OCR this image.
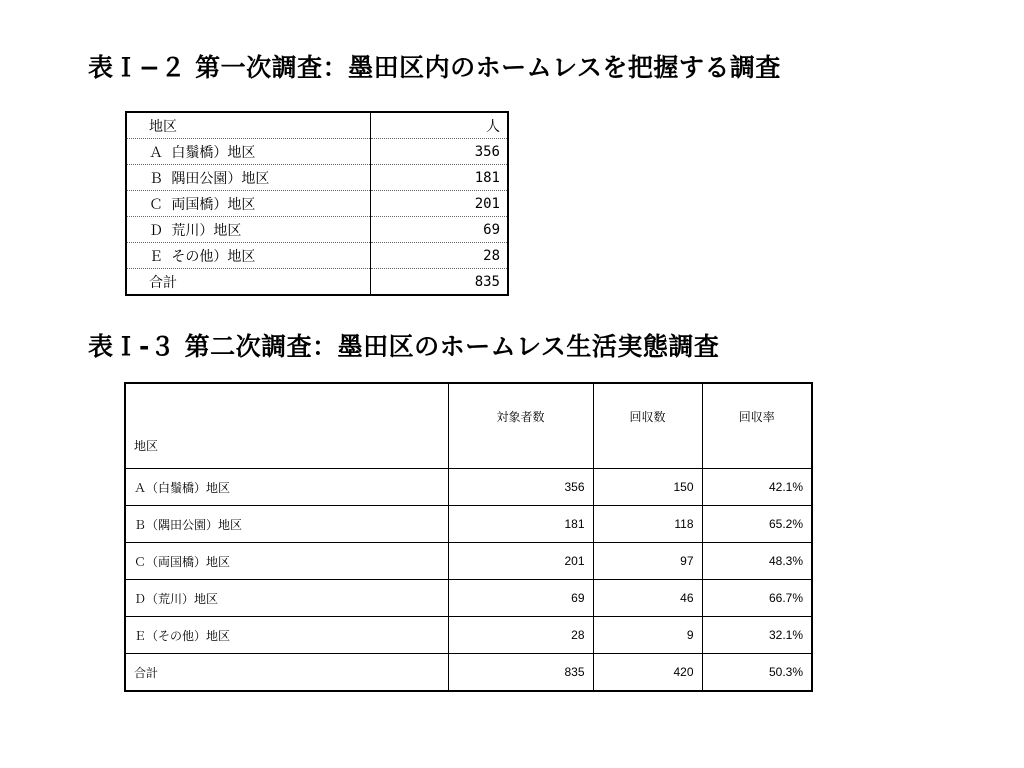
表Ｉ−２ 第一次調査：墨田区内のホームレスを把握する調査
地区	人
Ａ 白鬚橋）地区	356
Ｂ 隅田公園）地区	181
Ｃ 両国橋）地区	201
Ｄ 荒川）地区	69
Ｅ その他）地区	28
合計	835
表Ｉ-３ 第二次調査：墨田区のホームレス生活実態調査
地区	対象者数	回収数	回収率
Ａ（白鬚橋）地区	356	150	42.1%
Ｂ（隅田公園）地区	181	118	65.2%
Ｃ（両国橋）地区	201	97	48.3%
Ｄ（荒川）地区	69	46	66.7%
Ｅ（その他）地区	28	9	32.1%
合計	835	420	50.3%
